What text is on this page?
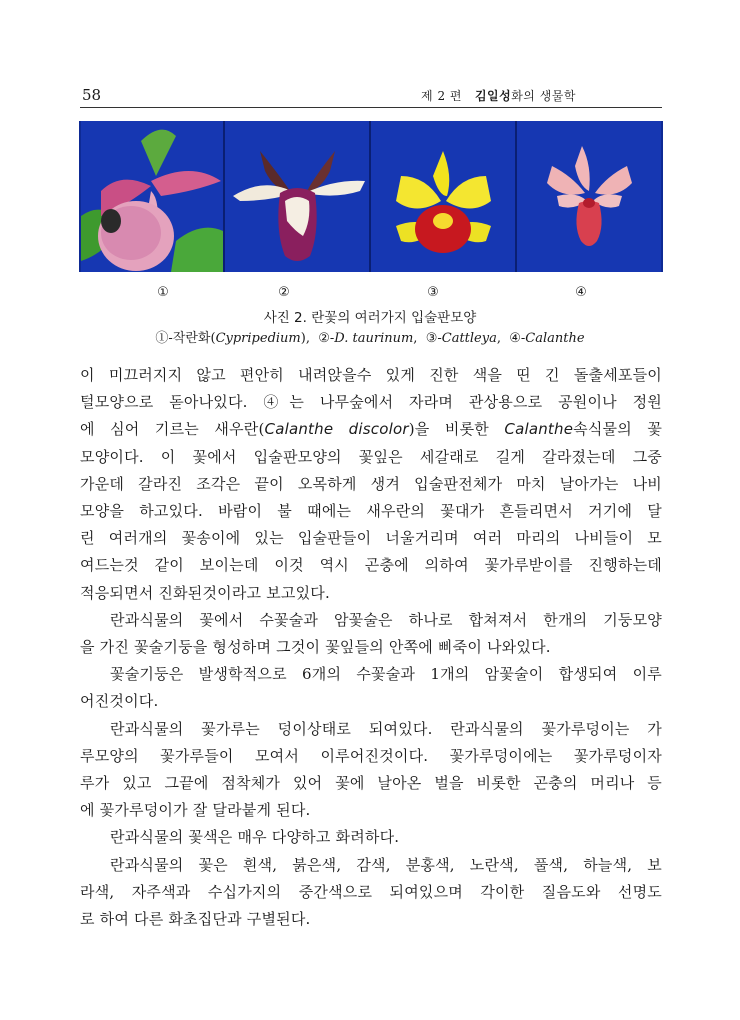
58	제 2 편 김일성화의 생물학
①	②	③	④
사진 2. 란꽃의 여러가지 입술판모양
①-작란화(Cypripedium), ②-D. taurinum, ③-Cattleya, ④-Calanthe
이 미끄러지지 않고 편안히 내려앉을수 있게 진한 색을 띤 긴 돌출세포들이
털모양으로 돋아나있다. ④는 나무숲에서 자라며 관상용으로 공원이나 정원
에 심어 기르는 새우란(Calanthe discolor)을 비롯한 Calanthe속식물의 꽃
모양이다. 이 꽃에서 입술판모양의 꽃잎은 세갈래로 길게 갈라졌는데 그중
가운데 갈라진 조각은 끝이 오목하게 생겨 입술판전체가 마치 날아가는 나비
모양을 하고있다. 바람이 불 때에는 새우란의 꽃대가 흔들리면서 거기에 달
린 여러개의 꽃송이에 있는 입술판들이 너울거리며 여러 마리의 나비들이 모
여드는것 같이 보이는데 이것 역시 곤충에 의하여 꽃가루받이를 진행하는데
적응되면서 진화된것이라고 보고있다.
란과식물의 꽃에서 수꽃술과 암꽃술은 하나로 합쳐져서 한개의 기둥모양
을 가진 꽃술기둥을 형성하며 그것이 꽃잎들의 안쪽에 삐죽이 나와있다.
꽃술기둥은 발생학적으로 6개의 수꽃술과 1개의 암꽃술이 합생되여 이루
어진것이다.
란과식물의 꽃가루는 덩이상태로 되여있다. 란과식물의 꽃가루덩이는 가
루모양의 꽃가루들이 모여서 이루어진것이다. 꽃가루덩이에는 꽃가루덩이자
루가 있고 그끝에 점착체가 있어 꽃에 날아온 벌을 비롯한 곤충의 머리나 등
에 꽃가루덩이가 잘 달라붙게 된다.
란과식물의 꽃색은 매우 다양하고 화려하다.
란과식물의 꽃은 흰색, 붉은색, 감색, 분홍색, 노란색, 풀색, 하늘색, 보
라색, 자주색과 수십가지의 중간색으로 되여있으며 각이한 질음도와 선명도
로 하여 다른 화초집단과 구별된다.
